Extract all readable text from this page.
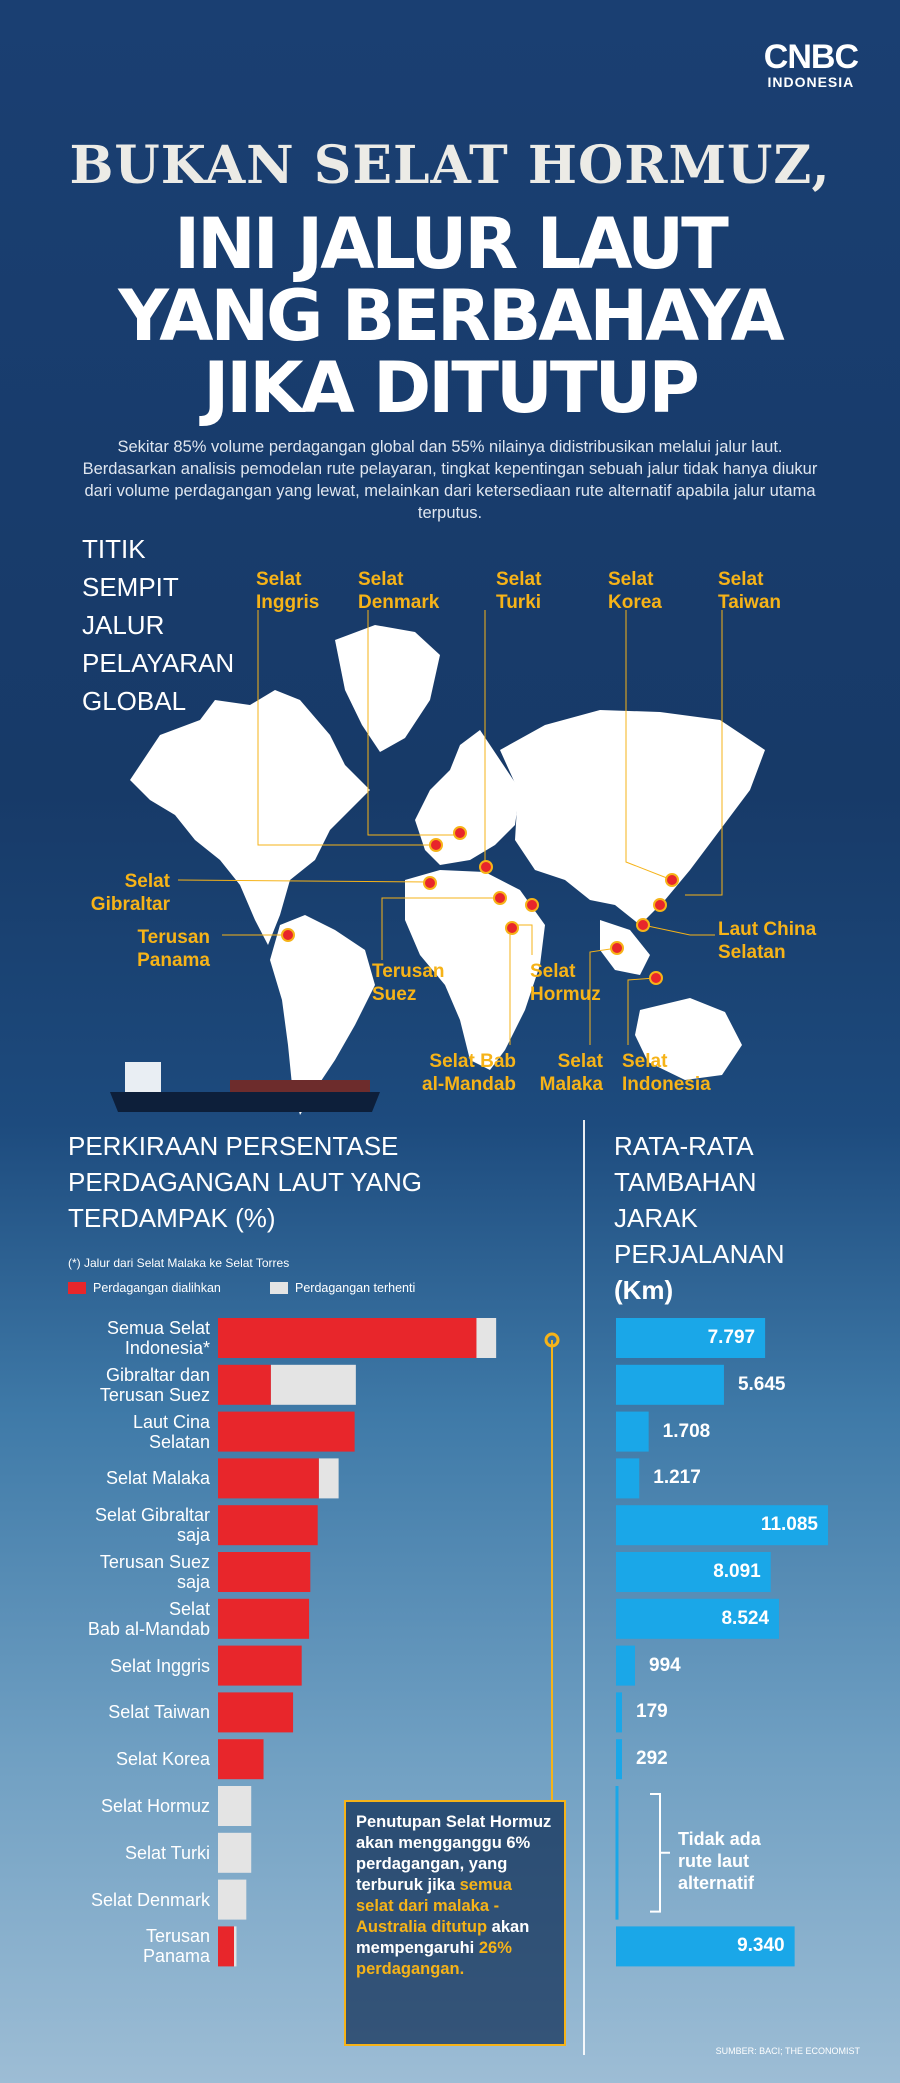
CNBC
INDONESIA
BUKAN SELAT HORMUZ,
INI JALUR LAUT
YANG BERBAHAYA
JIKA DITUTUP
Sekitar 85% volume perdagangan global dan 55% nilainya didistribusikan melalui jalur laut. Berdasarkan analisis pemodelan rute pelayaran, tingkat kepentingan sebuah jalur tidak hanya diukur dari volume perdagangan yang lewat, melainkan dari ketersediaan rute alternatif apabila jalur utama terputus.
TITIK
SEMPIT
JALUR
PELAYARAN
GLOBAL
Selat
Inggris
Selat
Denmark
Selat
Turki
Selat
Korea
Selat
Taiwan
Selat
Gibraltar
Terusan
Panama
Terusan
Suez
Selat
Hormuz
Selat Bab
al-Mandab
Selat
Malaka
Selat
Indonesia
Laut China
Selatan
PERKIRAAN PERSENTASE
PERDAGANGAN LAUT YANG
TERDAMPAK (%)
(*) Jalur dari Selat Malaka ke Selat Torres
Perdagangan dialihkan	Perdagangan terhenti
RATA-RATA
TAMBAHAN
JARAK
PERJALANAN
(Km)
Semua Selat
Indonesia*
Gibraltar dan
Terusan Suez
Laut Cina
Selatan
Selat Malaka
Selat Gibraltar
saja
Terusan Suez
saja
Selat
Bab al-Mandab
Selat Inggris
Selat Taiwan
Selat Korea
Selat Hormuz
Selat Turki
Selat Denmark
Terusan
Panama
7.797
5.645
1.708
1.217
11.085
8.091
8.524
994
179
292
9.340
Tidak ada
rute laut
alternatif
Penutupan Selat Hormuz akan mengganggu 6% perdagangan, yang terburuk jika semua selat dari malaka - Australia ditutup akan mempengaruhi 26% perdagangan.
SUMBER: BACI; THE ECONOMIST
